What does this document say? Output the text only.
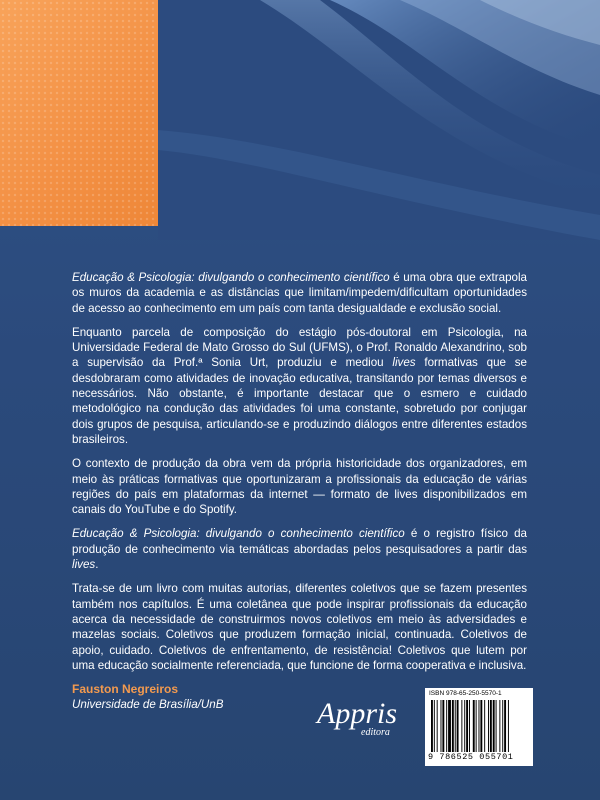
Educação & Psicologia: divulgando o conhecimento científico é uma obra que extrapola os muros da academia e as distâncias que limitam/impedem/dificultam oportunidades de acesso ao conhecimento em um país com tanta desigualdade e exclusão social.

Enquanto parcela de composição do estágio pós-doutoral em Psicologia, na Universidade Federal de Mato Grosso do Sul (UFMS), o Prof. Ronaldo Alexandrino, sob a supervisão da Prof.ª Sonia Urt, produziu e mediou lives formativas que se desdobraram como atividades de inovação educativa, transitando por temas diversos e necessários. Não obstante, é importante destacar que o esmero e cuidado metodológico na condução das atividades foi uma constante, sobretudo por conjugar dois grupos de pesquisa, articulando-se e produzindo diálogos entre diferentes estados brasileiros.

O contexto de produção da obra vem da própria historicidade dos organizadores, em meio às práticas formativas que oportunizaram a profissionais da educação de várias regiões do país em plataformas da internet — formato de lives disponibilizados em canais do YouTube e do Spotify.

Educação & Psicologia: divulgando o conhecimento científico é o registro físico da produção de conhecimento via temáticas abordadas pelos pesquisadores a partir das lives.

Trata-se de um livro com muitas autorias, diferentes coletivos que se fazem presentes também nos capítulos. É uma coletânea que pode inspirar profissionais da educação acerca da necessidade de construirmos novos coletivos em meio às adversidades e mazelas sociais. Coletivos que produzem formação inicial, continuada. Coletivos de apoio, cuidado. Coletivos de enfrentamento, de resistência! Coletivos que lutem por uma educação socialmente referenciada, que funcione de forma cooperativa e inclusiva.

Fauston Negreiros
Universidade de Brasília/UnB	Appris
editora
ISBN 978-65-250-5570-1
9 786525 055701
